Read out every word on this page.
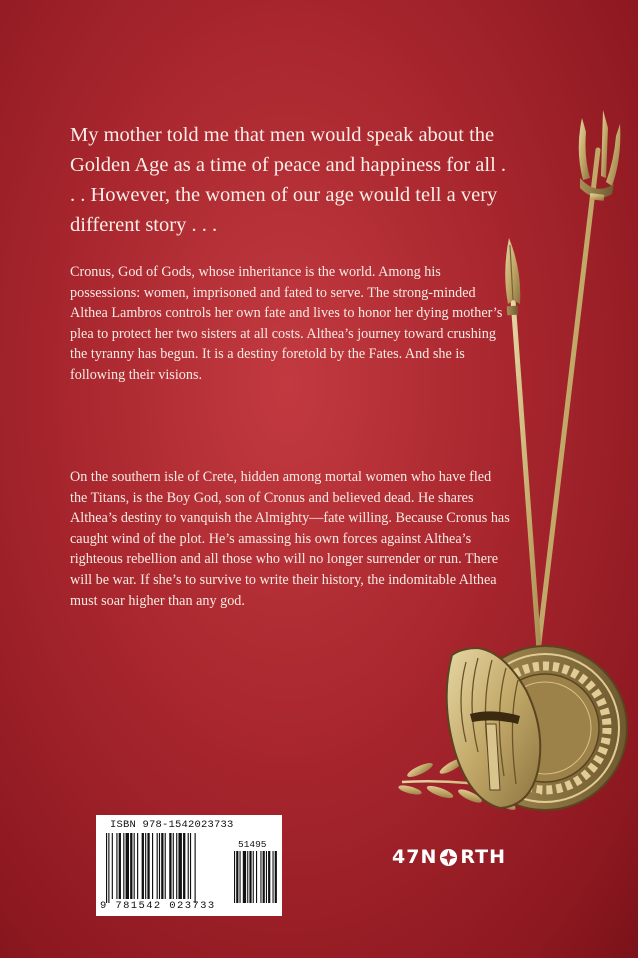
My mother told me that men would speak about the Golden Age as a time of peace and happiness for all . . . However, the women of our age would tell a very different story . . .

Cronus, God of Gods, whose inheritance is the world. Among his possessions: women, imprisoned and fated to serve. The strong-minded Althea Lambros controls her own fate and lives to honor her dying mother’s plea to protect her two sisters at all costs. Althea’s journey toward crushing the tyranny has begun. It is a destiny foretold by the Fates. And she is following their visions.

On the southern isle of Crete, hidden among mortal women who have fled the Titans, is the Boy God, son of Cronus and believed dead. He shares Althea’s destiny to vanquish the Almighty—fate willing. Because Cronus has caught wind of the plot. He’s amassing his own forces against Althea’s righteous rebellion and all those who will no longer surrender or run. There will be war. If she’s to survive to write their history, the indomitable Althea must soar higher than any god.

ISBN 978-1542023733
51495
9 781542 023733
47N RTH
